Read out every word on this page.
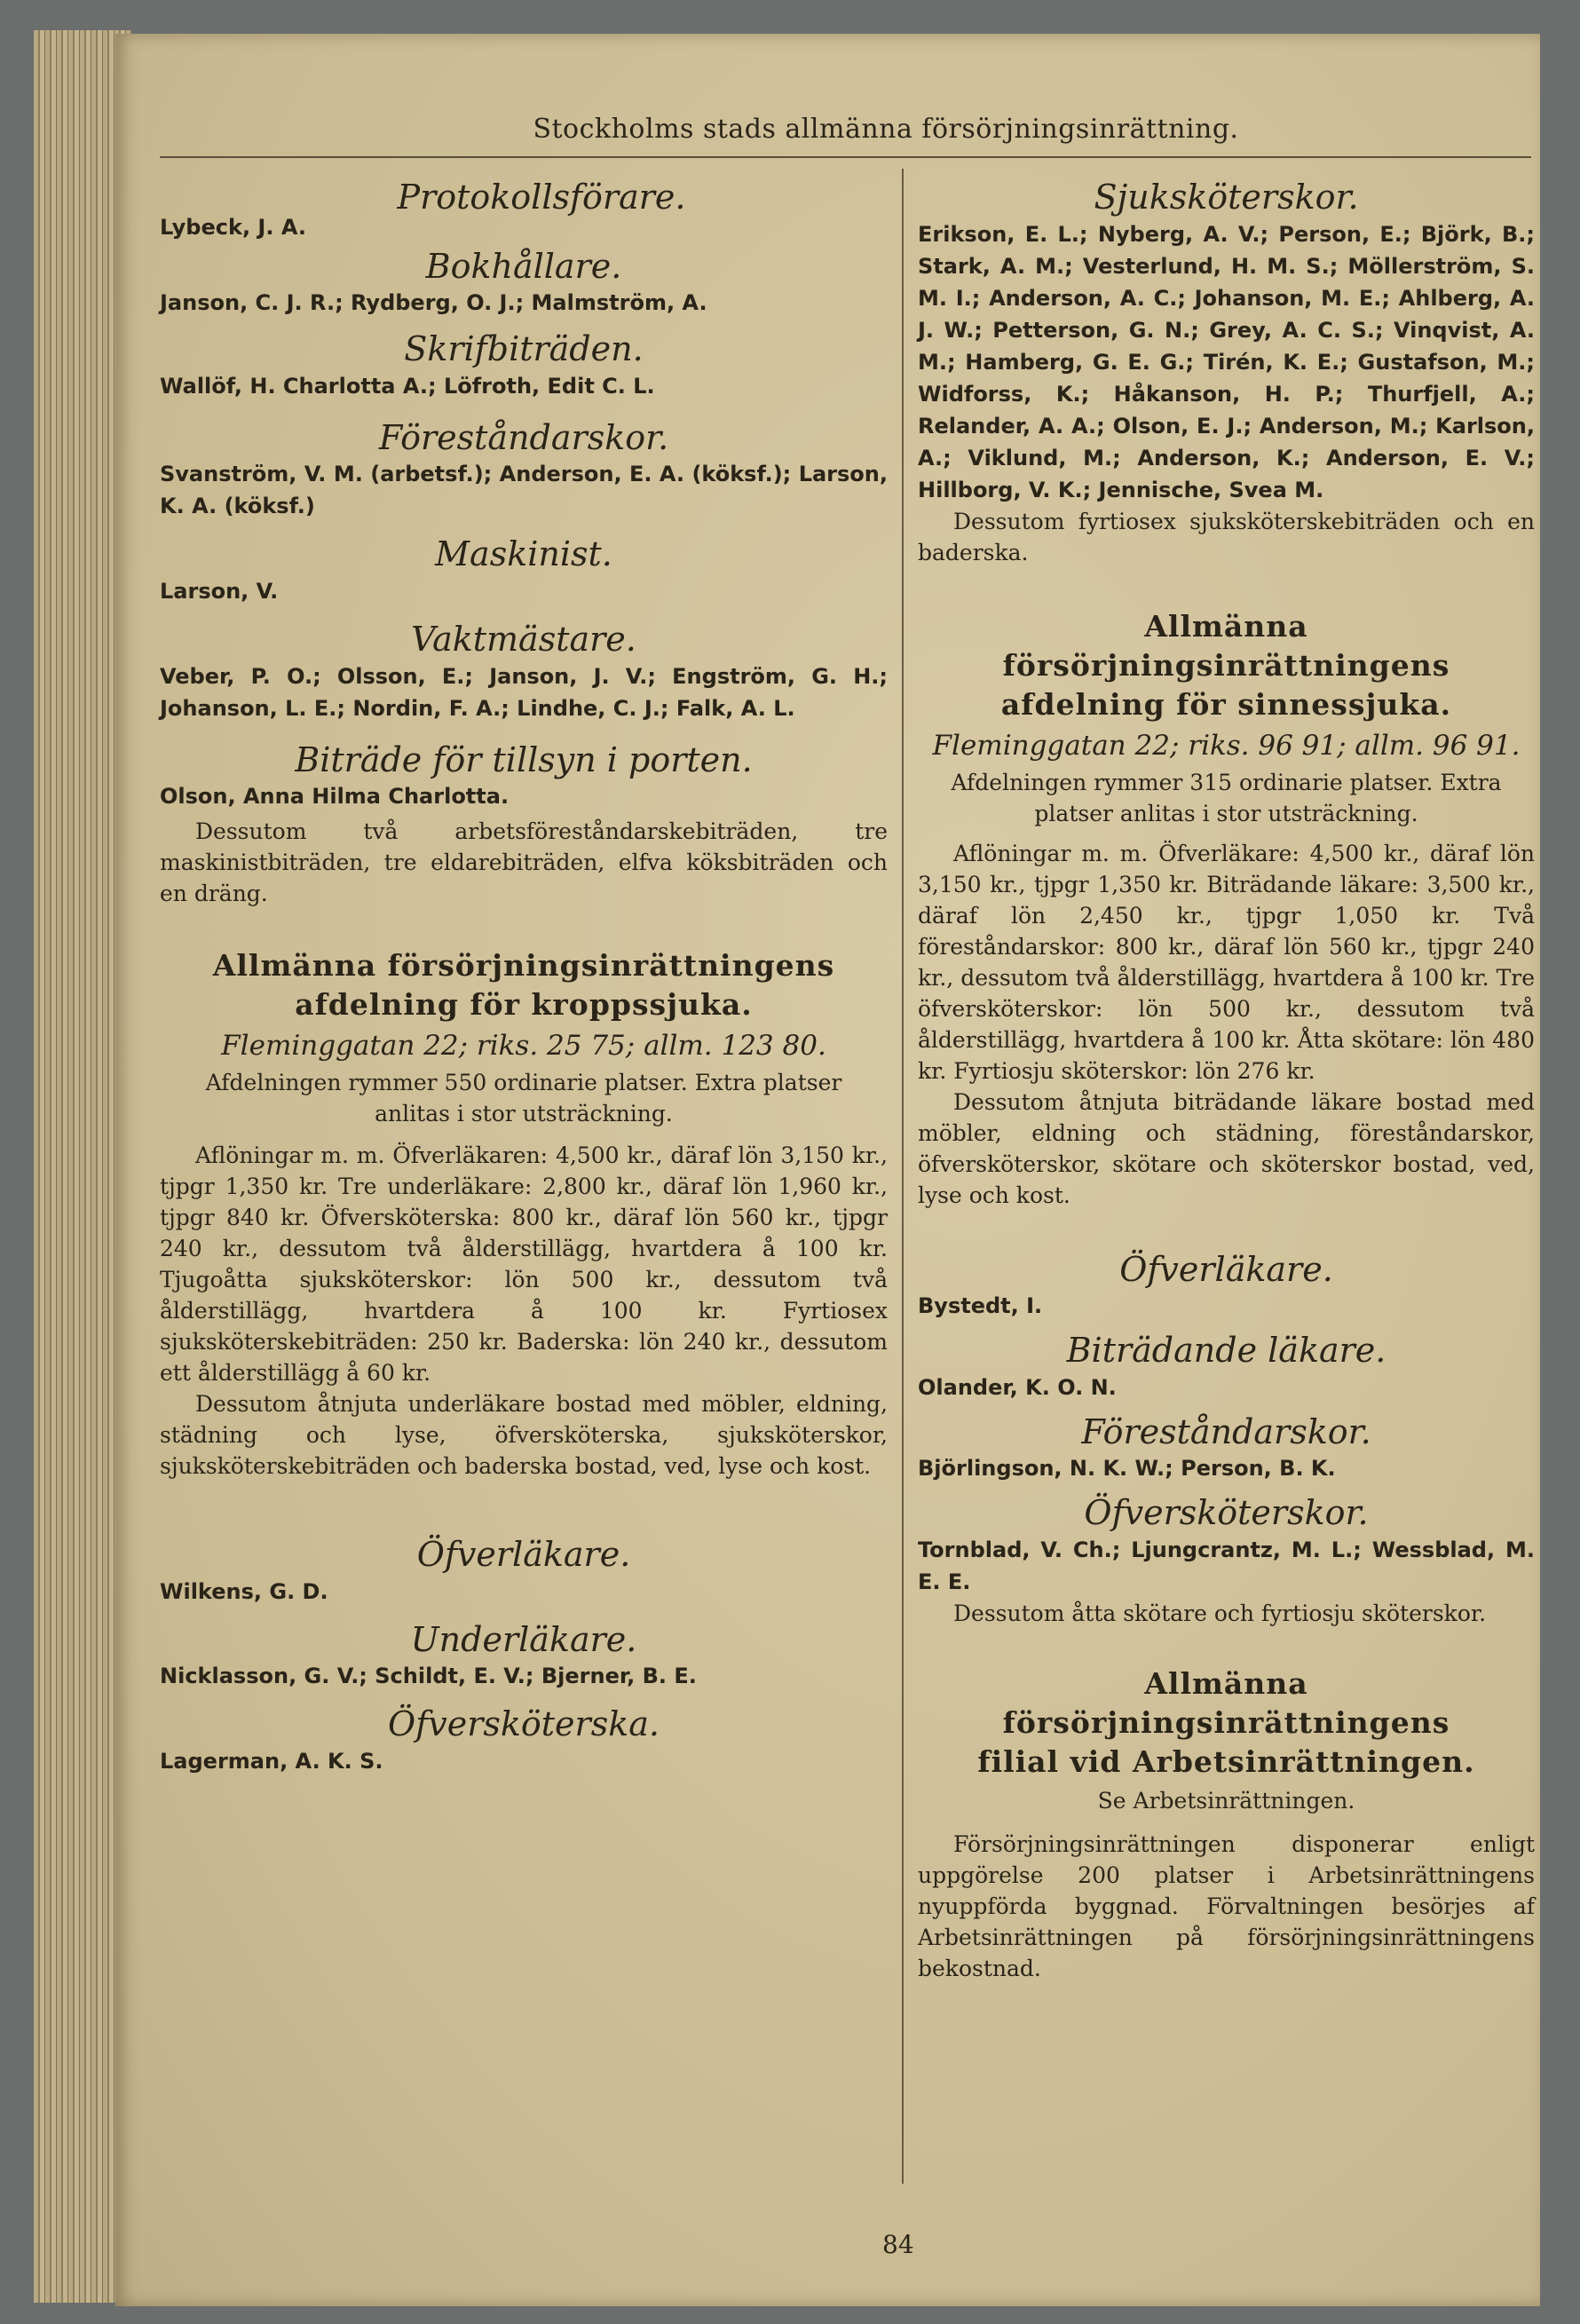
Stockholms stads allmänna försörjningsinrättning.

Protokollsförare.

Lybeck, J. A.

Bokhållare.

Janson, C. J. R.; Rydberg, O. J.; Malmström, A.

Skrifbiträden.

Wallöf, H. Charlotta A.; Löfroth, Edit C. L.

Föreståndarskor.

Svanström, V. M. (arbetsf.); Anderson, E. A. (köksf.); Larson, K. A. (köksf.)

Maskinist.

Larson, V.

Vaktmästare.

Veber, P. O.; Olsson, E.; Janson, J. V.; Engström, G. H.; Johanson, L. E.; Nordin, F. A.; Lindhe, C. J.; Falk, A. L.

Biträde för tillsyn i porten.

Olson, Anna Hilma Charlotta.

Dessutom två arbetsföreståndarskebiträden, tre maskinistbiträden, tre eldarebiträden, elfva köksbiträden och en dräng.

Allmänna försörjningsinrättningens

afdelning för kroppssjuka.

Fleminggatan 22; riks. 25 75; allm. 123 80.

Afdelningen rymmer 550 ordinarie platser. Extra platser anlitas i stor utsträckning.

Aflöningar m. m. Öfverläkaren: 4,500 kr., däraf lön 3,150 kr., tjpgr 1,350 kr. Tre underläkare: 2,800 kr., däraf lön 1,960 kr., tjpgr 840 kr. Öfversköterska: 800 kr., däraf lön 560 kr., tjpgr 240 kr., dessutom två ålderstillägg, hvartdera å 100 kr. Tjugoåtta sjuksköterskor: lön 500 kr., dessutom två ålderstillägg, hvartdera å 100 kr. Fyrtiosex sjuksköterskebiträden: 250 kr. Baderska: lön 240 kr., dessutom ett ålderstillägg å 60 kr.

Dessutom åtnjuta underläkare bostad med möbler, eldning, städning och lyse, öfversköterska, sjuksköterskor, sjuksköterskebiträden och baderska bostad, ved, lyse och kost.

Öfverläkare.

Wilkens, G. D.

Underläkare.

Nicklasson, G. V.; Schildt, E. V.; Bjerner, B. E.

Öfversköterska.

Lagerman, A. K. S.

Sjuksköterskor.

Erikson, E. L.; Nyberg, A. V.; Person, E.; Björk, B.; Stark, A. M.; Vesterlund, H. M. S.; Möllerström, S. M. I.; Anderson, A. C.; Johanson, M. E.; Ahlberg, A. J. W.; Petterson, G. N.; Grey, A. C. S.; Vinqvist, A. M.; Hamberg, G. E. G.; Tirén, K. E.; Gustafson, M.; Widforss, K.; Håkanson, H. P.; Thurfjell, A.; Relander, A. A.; Olson, E. J.; Anderson, M.; Karlson, A.; Viklund, M.; Anderson, K.; Anderson, E. V.; Hillborg, V. K.; Jennische, Svea M.

Dessutom fyrtiosex sjuksköterskebiträden och en baderska.

Allmänna försörjningsinrättningens

afdelning för sinnessjuka.

Fleminggatan 22; riks. 96 91; allm. 96 91.

Afdelningen rymmer 315 ordinarie platser. Extra platser anlitas i stor utsträckning.

Aflöningar m. m. Öfverläkare: 4,500 kr., däraf lön 3,150 kr., tjpgr 1,350 kr. Biträdande läkare: 3,500 kr., däraf lön 2,450 kr., tjpgr 1,050 kr. Två föreståndarskor: 800 kr., däraf lön 560 kr., tjpgr 240 kr., dessutom två ålderstillägg, hvartdera å 100 kr. Tre öfversköterskor: lön 500 kr., dessutom två ålderstillägg, hvartdera å 100 kr. Åtta skötare: lön 480 kr. Fyrtiosju sköterskor: lön 276 kr.

Dessutom åtnjuta biträdande läkare bostad med möbler, eldning och städning, föreståndarskor, öfversköterskor, skötare och sköterskor bostad, ved, lyse och kost.

Öfverläkare.

Bystedt, I.

Biträdande läkare.

Olander, K. O. N.

Föreståndarskor.

Björlingson, N. K. W.; Person, B. K.

Öfversköterskor.

Tornblad, V. Ch.; Ljungcrantz, M. L.; Wessblad, M. E. E.

Dessutom åtta skötare och fyrtiosju sköterskor.

Allmänna försörjningsinrättningens

filial vid Arbetsinrättningen.

Se Arbetsinrättningen.

Försörjningsinrättningen disponerar enligt uppgörelse 200 platser i Arbetsinrättningens nyuppförda byggnad. Förvaltningen besörjes af Arbetsinrättningen på försörjningsinrättningens bekostnad.

84
